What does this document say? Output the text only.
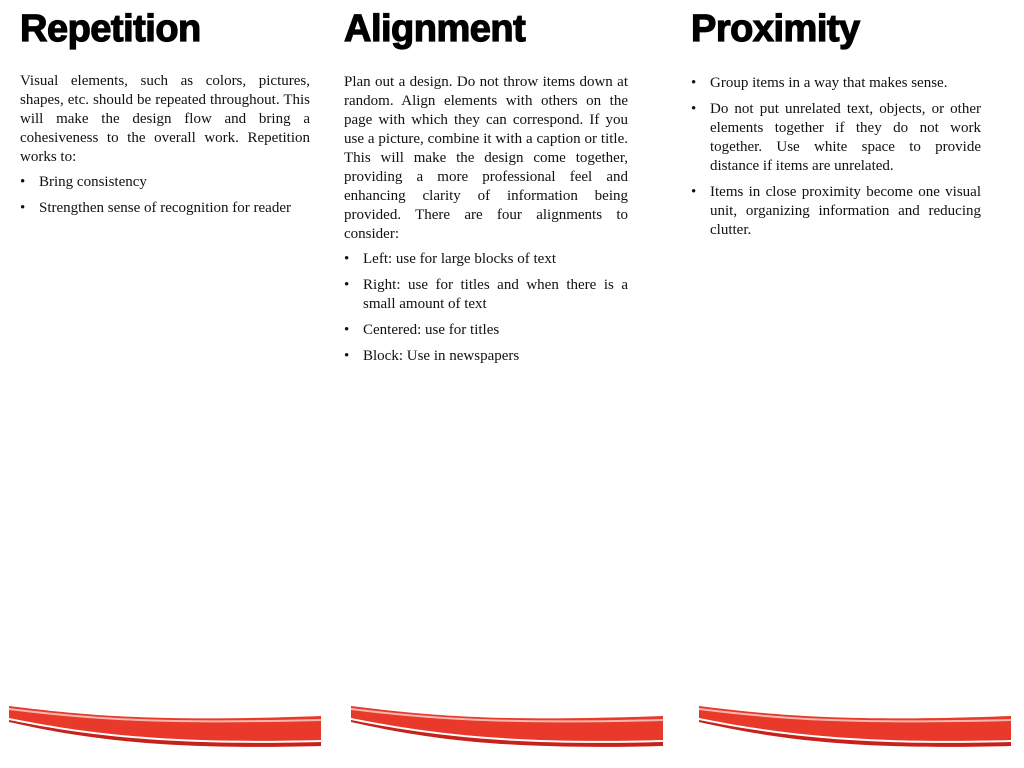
Repetition

Visual elements, such as colors, pictures, shapes, etc. should be repeated throughout. This will make the design flow and bring a cohesiveness to the overall work. Repetition works to:

• Bring consistency
• Strengthen sense of recognition for reader
Alignment

Plan out a design. Do not throw items down at random. Align elements with others on the page with which they can correspond. If you use a picture, combine it with a caption or title. This will make the design come together, providing a more professional feel and enhancing clarity of information being provided. There are four alignments to consider:

• Left: use for large blocks of text
• Right: use for titles and when there is a small amount of text
• Centered: use for titles
• Block: Use in newspapers
Proximity
• Group items in a way that makes sense.
• Do not put unrelated text, objects, or other elements together if they do not work together. Use white space to provide distance if items are unrelated.
• Items in close proximity become one visual unit, organizing information and reducing clutter.
